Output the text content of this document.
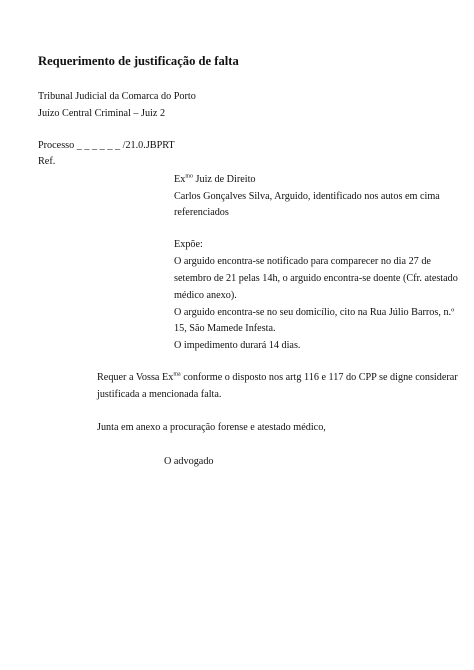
Requerimento de justificação de falta
Tribunal Judicial da Comarca do Porto
Juízo Central Criminal – Juiz 2
Processo _ _ _ _ _ _ /21.0.JBPRT
Ref.
$Ex^{mo}$ Juiz de Direito
Carlos Gonçalves Silva, Arguido, identificado nos autos em cima
referenciados
Expõe:
O arguido encontra-se notificado para comparecer no dia 27 de
setembro de 21 pelas 14h, o arguido encontra-se doente (Cfr. atestado
médico anexo).
O arguido encontra-se no seu domicílio, cito na Rua Júlio Barros, n.º
15, São Mamede Infesta.
O impedimento durará 14 dias.
Requer a Vossa $Ex^{ma}$ conforme o disposto nos artg 116 e 117 do CPP se digne considerar
justificada a mencionada falta.
Junta em anexo a procuração forense e atestado médico,
O advogado
